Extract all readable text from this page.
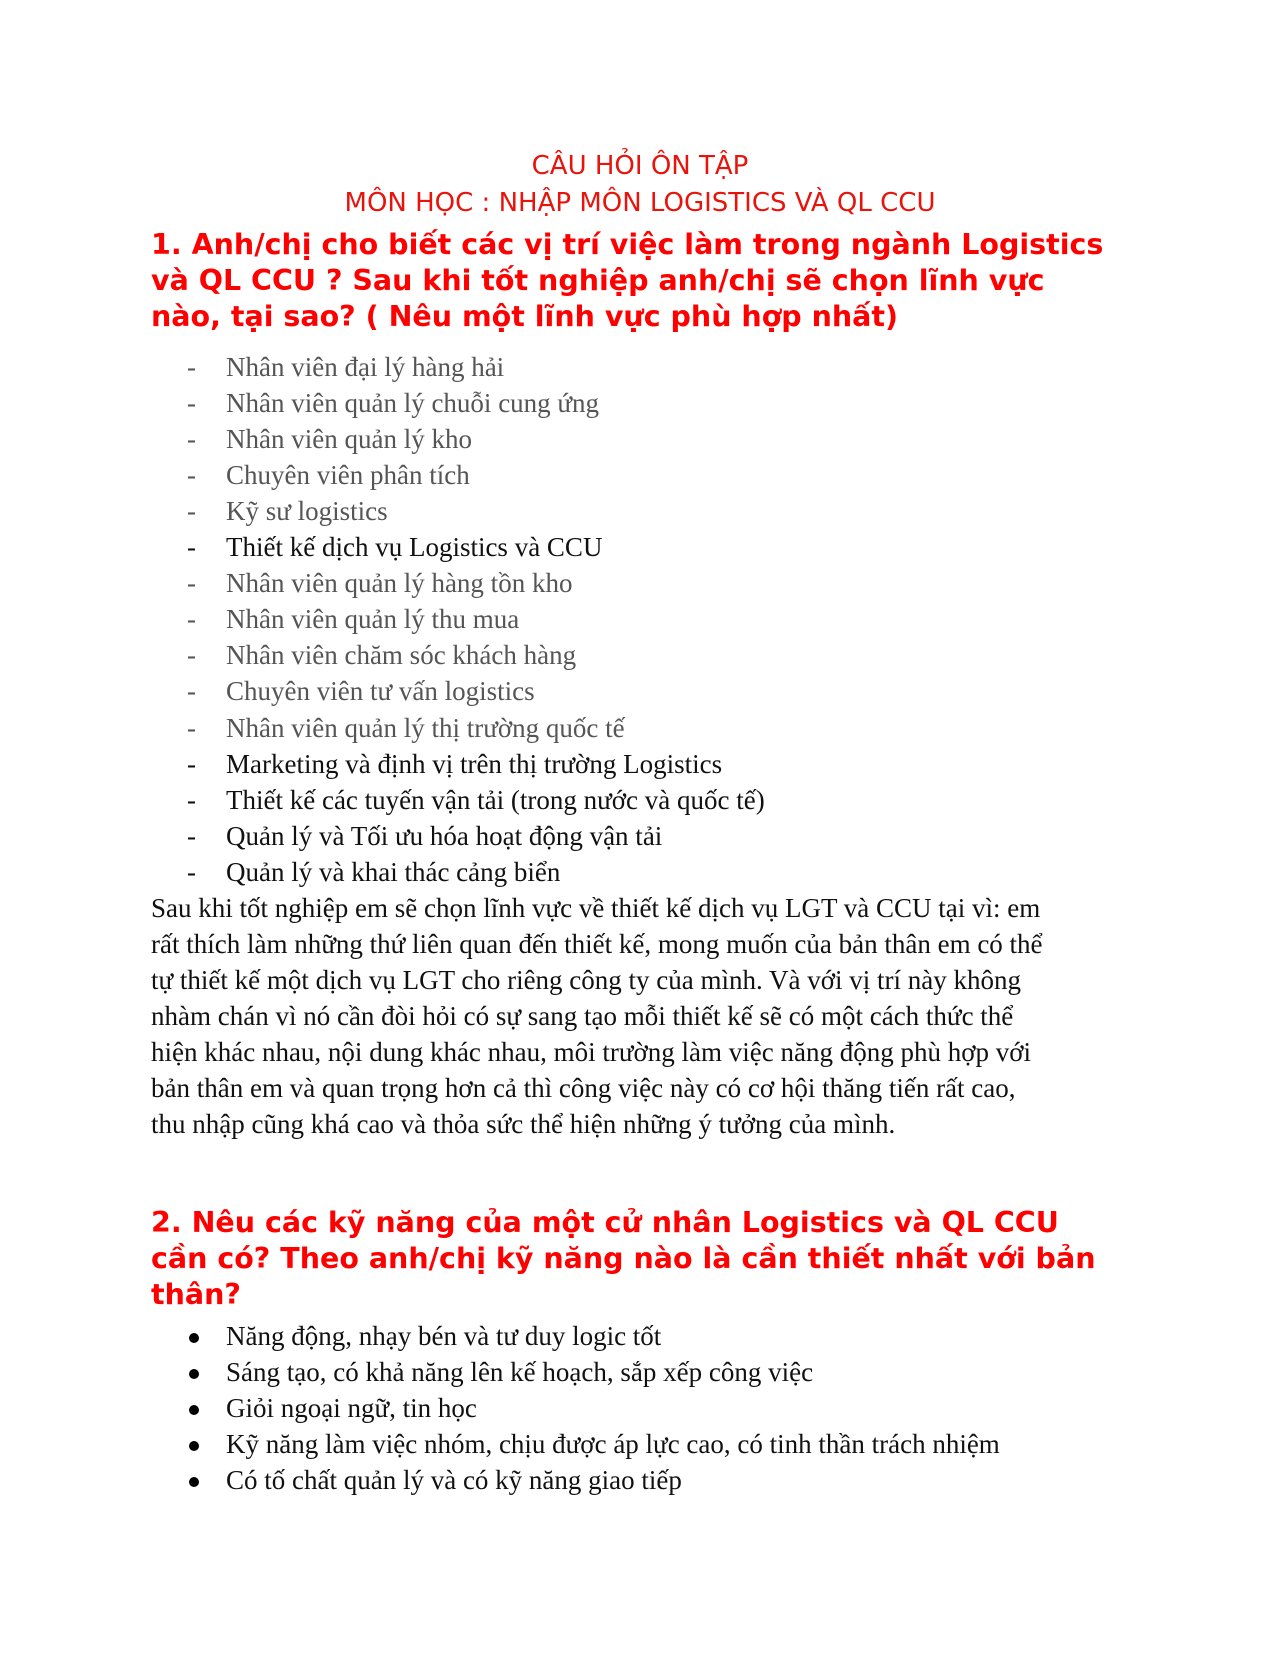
CÂU HỎI ÔN TẬP
MÔN HỌC : NHẬP MÔN LOGISTICS VÀ QL CCU
1. Anh/chị cho biết các vị trí việc làm trong ngành Logistics
và QL CCU ? Sau khi tốt nghiệp anh/chị sẽ chọn lĩnh vực
nào, tại sao? ( Nêu một lĩnh vực phù hợp nhất)
- Nhân viên đại lý hàng hải
- Nhân viên quản lý chuỗi cung ứng
- Nhân viên quản lý kho
- Chuyên viên phân tích
- Kỹ sư logistics
- Thiết kế dịch vụ Logistics và CCU
- Nhân viên quản lý hàng tồn kho
- Nhân viên quản lý thu mua
- Nhân viên chăm sóc khách hàng
- Chuyên viên tư vấn logistics
- Nhân viên quản lý thị trường quốc tế
- Marketing và định vị trên thị trường Logistics
- Thiết kế các tuyến vận tải (trong nước và quốc tế)
- Quản lý và Tối ưu hóa hoạt động vận tải
- Quản lý và khai thác cảng biển
Sau khi tốt nghiệp em sẽ chọn lĩnh vực về thiết kế dịch vụ LGT và CCU tại vì: em
rất thích làm những thứ liên quan đến thiết kế, mong muốn của bản thân em có thể
tự thiết kế một dịch vụ LGT cho riêng công ty của mình. Và với vị trí này không
nhàm chán vì nó cần đòi hỏi có sự sang tạo mỗi thiết kế sẽ có một cách thức thể
hiện khác nhau, nội dung khác nhau, môi trường làm việc năng động phù hợp với
bản thân em và quan trọng hơn cả thì công việc này có cơ hội thăng tiến rất cao,
thu nhập cũng khá cao và thỏa sức thể hiện những ý tưởng của mình.
2. Nêu các kỹ năng của một cử nhân Logistics và QL CCU
cần có? Theo anh/chị kỹ năng nào là cần thiết nhất với bản
thân?
Năng động, nhạy bén và tư duy logic tốt
Sáng tạo, có khả năng lên kế hoạch, sắp xếp công việc
Giỏi ngoại ngữ, tin học
Kỹ năng làm việc nhóm, chịu được áp lực cao, có tinh thần trách nhiệm
Có tố chất quản lý và có kỹ năng giao tiếp
